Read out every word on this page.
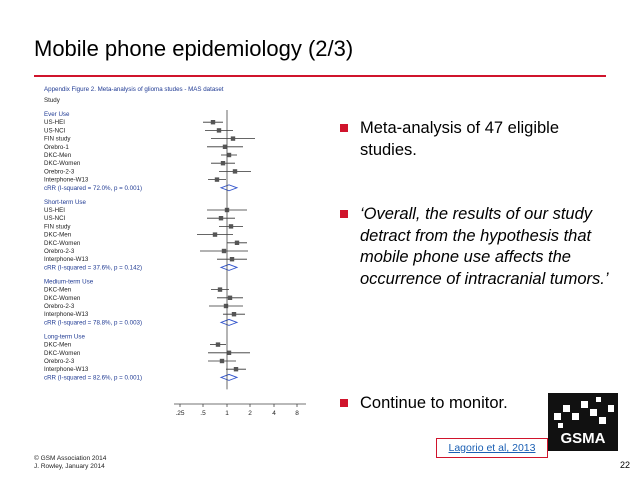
Mobile phone epidemiology (2/3)
Appendix Figure 2. Meta-analysis of glioma studes - MAS dataset
Study
Ever Use
US-HEI
US-NCI
FIN study
Orebro-1
DKC-Men
DKC-Women
Orebro-2-3
Interphone-W13
cRR (I-squared = 72.0%, p = 0.001)
Short-term Use
US-HEI
US-NCI
FIN study
DKC-Men
DKC-Women
Orebro-2-3
Interphone-W13
cRR (I-squared = 37.6%, p = 0.142)
Medium-term Use
DKC-Men
DKC-Women
Orebro-2-3
Interphone-W13
cRR (I-squared = 78.8%, p = 0.003)
Long-term Use
DKC-Men
DKC-Women
Orebro-2-3
Interphone-W13
cRR (I-squared = 82.6%, p = 0.001)
.25 .5	1	2	4	8
Meta-analysis of 47 eligible studies.
‘Overall, the results of our study detract from the hypothesis that mobile phone use affects the occurrence of intracranial tumors.’
Continue to monitor.
Lagorio et al, 2013
GSMA
© GSM Association 2014
J. Rowley, January 2014	22
